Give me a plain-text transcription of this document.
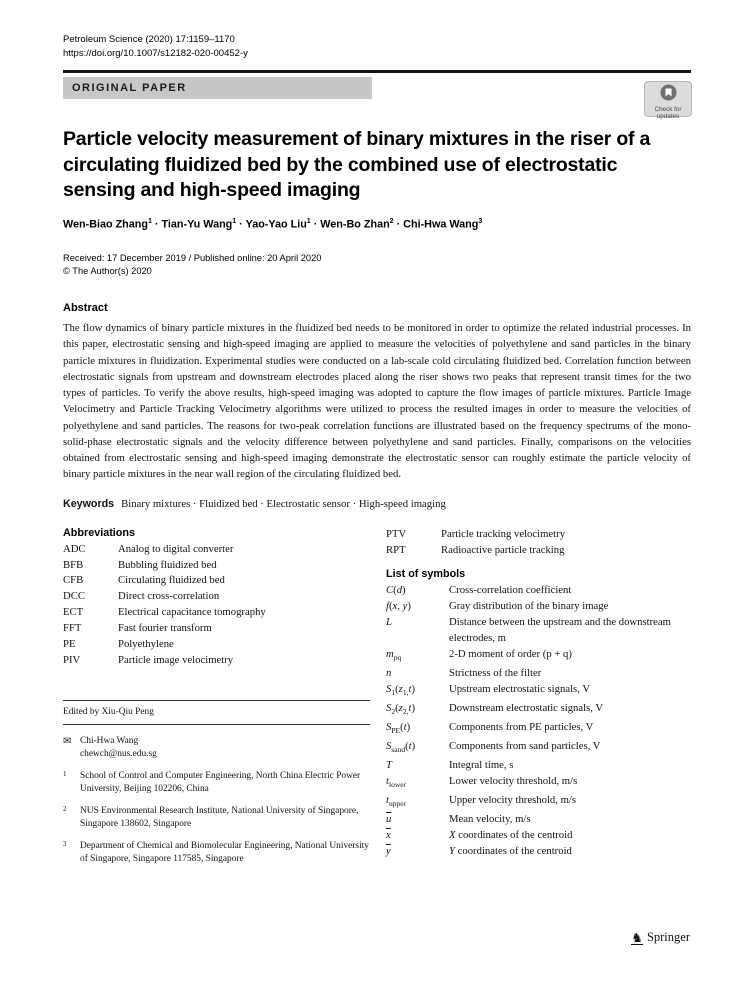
Petroleum Science (2020) 17:1159–1170
https://doi.org/10.1007/s12182-020-00452-y
ORIGINAL PAPER
Check for
updates
Particle velocity measurement of binary mixtures in the riser of a circulating fluidized bed by the combined use of electrostatic sensing and high-speed imaging
Wen-Biao Zhang$^1$ · Tian-Yu Wang$^1$ · Yao-Yao Liu$^1$ · Wen-Bo Zhan$^2$ · Chi-Hwa Wang$^3$
Received: 17 December 2019 / Published online: 20 April 2020
© The Author(s) 2020
Abstract
The flow dynamics of binary particle mixtures in the fluidized bed needs to be monitored in order to optimize the related industrial processes. In this paper, electrostatic sensing and high-speed imaging are applied to measure the velocities of polyethylene and sand particles in the binary particle mixtures in fluidization. Experimental studies were conducted on a lab-scale cold circulating fluidized bed. Correlation function between electrostatic signals from upstream and downstream electrodes placed along the riser shows two peaks that represent transit times for the two types of particles. To verify the above results, high-speed imaging was adopted to capture the flow images of particle mixtures. Particle Image Velocimetry and Particle Tracking Velocimetry algorithms were utilized to process the resulted images in order to measure the velocities of polyethylene and sand particles. The reasons for two-peak correlation functions are illustrated based on the frequency spectrums of the mono-solid-phase electrostatic signals and the velocity difference between polyethylene and sand particles. Finally, comparisons on the velocities obtained from electrostatic sensing and high-speed imaging demonstrate the electrostatic sensor can roughly estimate the particle velocity of binary particle mixtures in the near wall region of the circulating fluidized bed.
Keywords Binary mixtures · Fluidized bed · Electrostatic sensor · High-speed imaging
Abbreviations
ADC	Analog to digital converter
BFB	Bubbling fluidized bed
CFB	Circulating fluidized bed
DCC	Direct cross-correlation
ECT	Electrical capacitance tomography
FFT	Fast fourier transform
PE	Polyethylene
PIV	Particle image velocimetry
Edited by Xiu-Qiu Peng
✉ Chi-Hwa Wang
chewch@nus.edu.sg
1	School of Control and Computer Engineering, North China Electric Power University, Beijing 102206, China
2	NUS Environmental Research Institute, National University of Singapore, Singapore 138602, Singapore
3	Department of Chemical and Biomolecular Engineering, National University of Singapore, Singapore 117585, Singapore
PTV	Particle tracking velocimetry
RPT	Radioactive particle tracking
List of symbols
C(d)	Cross-correlation coefficient
f(x, y)	Gray distribution of the binary image
L	Distance between the upstream and the downstream electrodes, m
$m_{pq}$	2-D moment of order (p + q)
n	Strictness of the filter
$S_1(z_{1,}t)$	Upstream electrostatic signals, V
$S_2(z_{2,}t)$	Downstream electrostatic signals, V
$S_{PE}(t)$	Components from PE particles, V
$S_{sand}(t)$	Components from sand particles, V
T	Integral time, s
$t_{lower}$	Lower velocity threshold, m/s
$t_{upper}$	Upper velocity threshold, m/s
$\overline{u}$	Mean velocity, m/s
$\overline{x}$	X coordinates of the centroid
$\overline{y}$	Y coordinates of the centroid
♞ Springer
